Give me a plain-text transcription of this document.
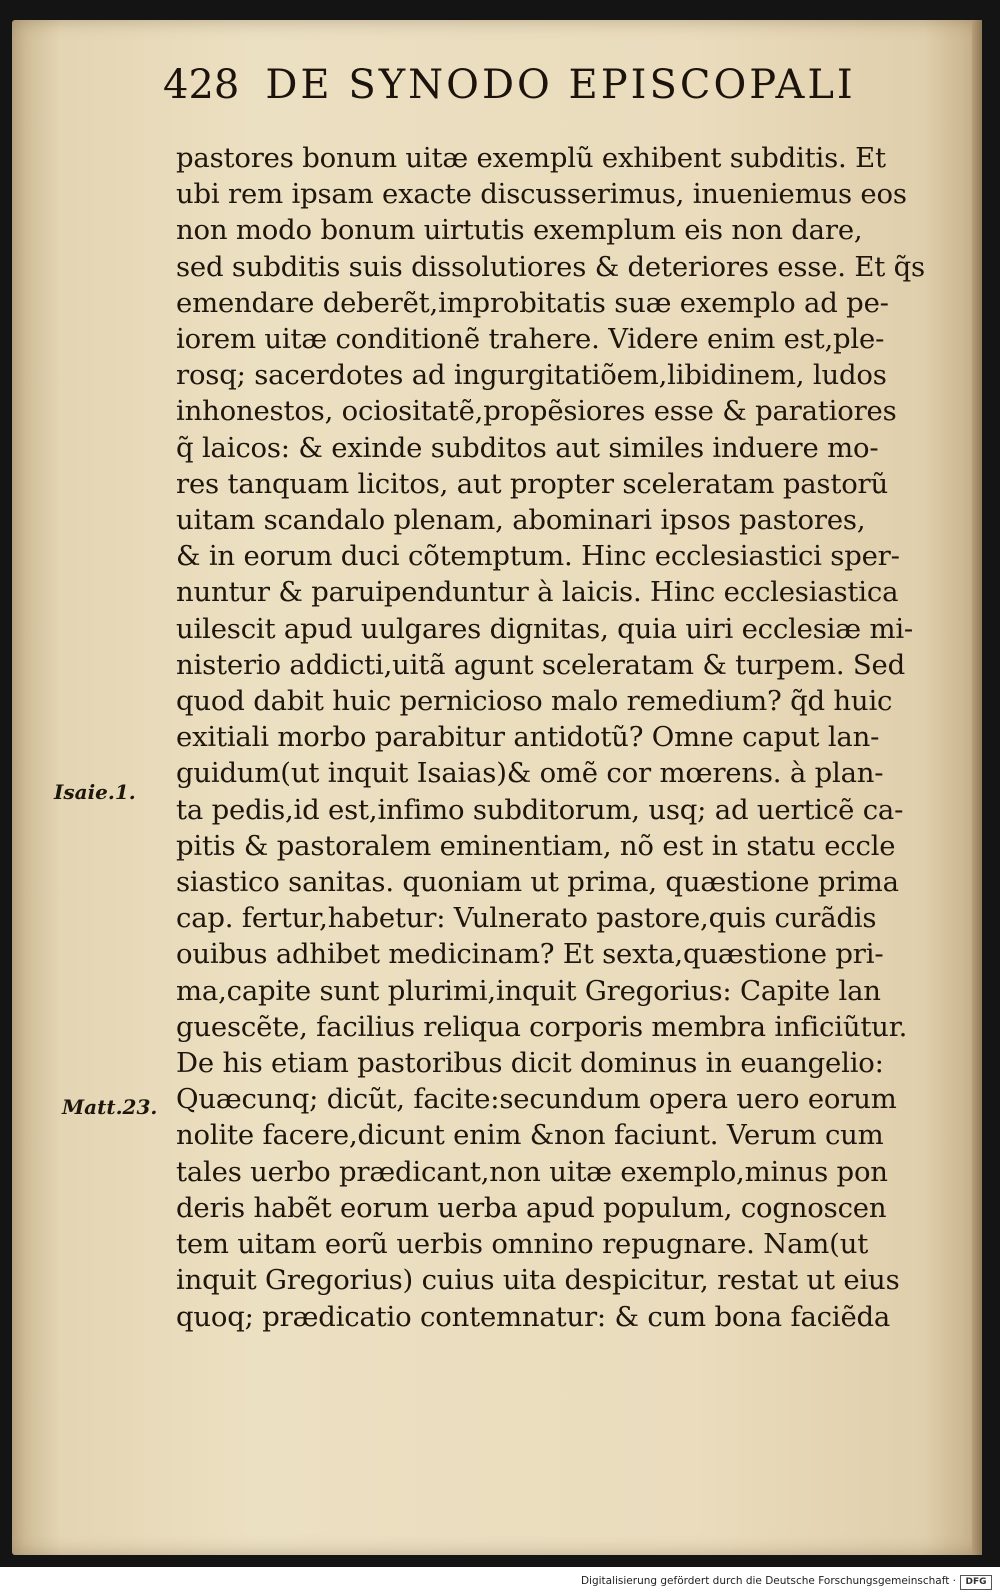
428 DE SYNODO EPISCOPALI
pastores bonum uitæ exemplũ exhibent subditis. Et
ubi rem ipsam exacte discusserimus, inueniemus eos
non modo bonum uirtutis exemplum eis non dare,
sed subditis suis dissolutiores & deteriores esse. Et q̃s
emendare deberẽt,improbitatis suæ exemplo ad pe-
iorem uitæ conditionẽ trahere. Videre enim est,ple-
rosq; sacerdotes ad ingurgitatiõem,libidinem, ludos
inhonestos, ociositatẽ,propẽsiores esse & paratiores
q̃ laicos: & exinde subditos aut similes induere mo-
res tanquam licitos, aut propter sceleratam pastorũ
uitam scandalo plenam, abominari ipsos pastores,
& in eorum duci cõtemptum. Hinc ecclesiastici sper-
nuntur & paruipenduntur à laicis. Hinc ecclesiastica
uilescit apud uulgares dignitas, quia uiri ecclesiæ mi-
nisterio addicti,uitã agunt sceleratam & turpem. Sed
quod dabit huic pernicioso malo remedium? q̃d huic
exitiali morbo parabitur antidotũ? Omne caput lan-
guidum(ut inquit Isaias)& omẽ cor mœrens. à plan-
ta pedis,id est,infimo subditorum, usq; ad uerticẽ ca-
pitis & pastoralem eminentiam, nõ est in statu eccle
siastico sanitas. quoniam ut prima, quæstione prima
cap. fertur,habetur: Vulnerato pastore,quis curãdis
ouibus adhibet medicinam? Et sexta,quæstione pri-
ma,capite sunt plurimi,inquit Gregorius: Capite lan
guescẽte, facilius reliqua corporis membra inficiũtur.
De his etiam pastoribus dicit dominus in euangelio:
Quæcunq; dicũt, facite:secundum opera uero eorum
nolite facere,dicunt enim &non faciunt. Verum cum
tales uerbo prædicant,non uitæ exemplo,minus pon
deris habẽt eorum uerba apud populum, cognoscen
tem uitam eorũ uerbis omnino repugnare. Nam(ut
inquit Gregorius) cuius uita despicitur, restat ut eius
quoq; prædicatio contemnatur: & cum bona faciẽda
Isaie.1.
Matt.23.
Digitalisierung gefördert durch die Deutsche Forschungsgemeinschaft ·	DFG
